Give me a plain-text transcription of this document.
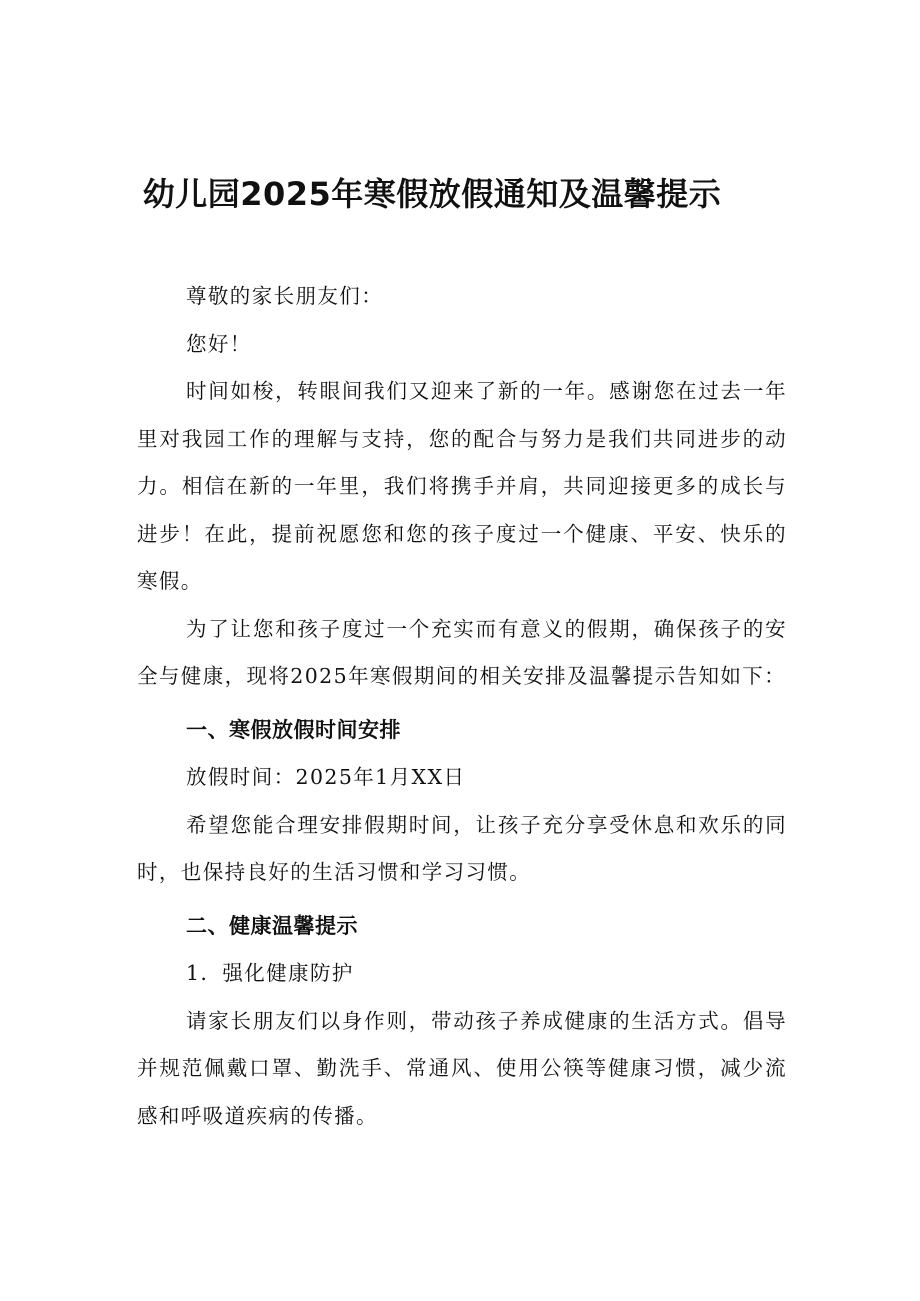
幼儿园2025年寒假放假通知及温馨提示

尊敬的家长朋友们：

您好！

时间如梭，转眼间我们又迎来了新的一年。感谢您在过去一年里对我园工作的理解与支持，您的配合与努力是我们共同进步的动力。相信在新的一年里，我们将携手并肩，共同迎接更多的成长与进步！在此，提前祝愿您和您的孩子度过一个健康、平安、快乐的寒假。

为了让您和孩子度过一个充实而有意义的假期，确保孩子的安全与健康，现将2025年寒假期间的相关安排及温馨提示告知如下：

一、寒假放假时间安排

放假时间：2025年1月XX日

希望您能合理安排假期时间，让孩子充分享受休息和欢乐的同时，也保持良好的生活习惯和学习习惯。

二、健康温馨提示

1．强化健康防护

请家长朋友们以身作则，带动孩子养成健康的生活方式。倡导并规范佩戴口罩、勤洗手、常通风、使用公筷等健康习惯，减少流感和呼吸道疾病的传播。
